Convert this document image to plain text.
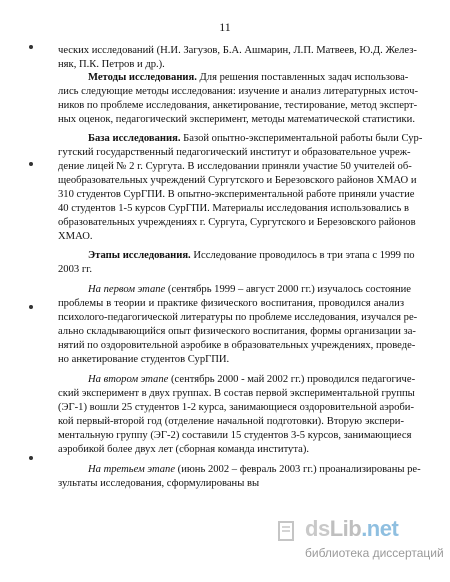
11
ческих исследований (Н.И. Загузов, Б.А. Ашмарин, Л.П. Матвеев, Ю.Д. Желез-
няк, П.К. Петров и др.).
Методы исследования. Для решения поставленных задач использова-
лись следующие методы исследования: изучение и анализ литературных источ-
ников по проблеме исследования, анкетирование, тестирование, метод эксперт-
ных оценок, педагогический эксперимент, методы математической статистики.
База исследования. Базой опытно-экспериментальной работы были Сур-
гутский государственный педагогический институт и образовательное учреж-
дение лицей № 2 г. Сургута. В исследовании приняли участие 50 учителей об-
щеобразовательных учреждений Сургутского и Березовского районов ХМАО и
310 студентов СурГПИ. В опытно-экспериментальной работе приняли участие
40 студентов 1-5 курсов СурГПИ. Материалы исследования использовались в
образовательных учреждениях г. Сургута, Сургутского и Березовского районов
ХМАО.
Этапы исследования. Исследование проводилось в три этапа с 1999 по
2003 гг.
На первом этапе (сентябрь 1999 – август 2000 гг.) изучалось состояние
проблемы в теории и практике физического воспитания, проводился анализ
психолого-педагогической литературы по проблеме исследования, изучался ре-
ально складывающийся опыт физического воспитания, формы организации за-
нятий по оздоровительной аэробике в образовательных учреждениях, проведе-
но анкетирование студентов СурГПИ.
На втором этапе (сентябрь 2000 - май 2002 гг.) проводился педагогиче-
ский эксперимент в двух группах. В состав первой экспериментальной группы
(ЭГ-1) вошли 25 студентов 1-2 курса, занимающиеся оздоровительной аэроби-
кой первый-второй год (отделение начальной подготовки). Вторую экспери-
ментальную группу (ЭГ-2) составили 15 студентов 3-5 курсов, занимающиеся
аэробикой более двух лет (сборная команда института).
На третьем этапе (июнь 2002 – февраль 2003 гг.) проанализированы ре-
зультаты исследования, сформулированы вы
dsLib.net
библиотека диссертаций
